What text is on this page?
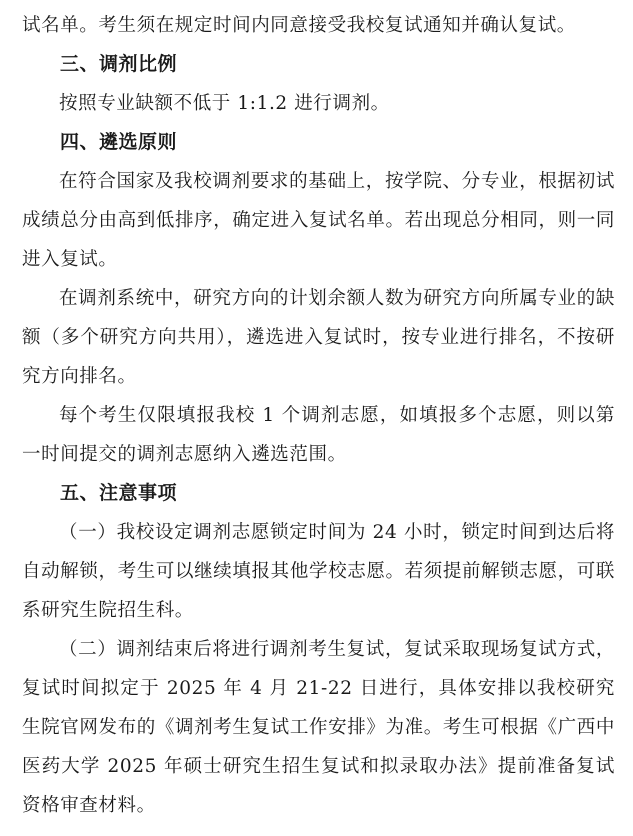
试名单。考生须在规定时间内同意接受我校复试通知并确认复试。

三、调剂比例

按照专业缺额不低于 1:1.2 进行调剂。

四、遴选原则

在符合国家及我校调剂要求的基础上，按学院、分专业，根据初试成绩总分由高到低排序，确定进入复试名单。若出现总分相同，则一同进入复试。

在调剂系统中，研究方向的计划余额人数为研究方向所属专业的缺额（多个研究方向共用），遴选进入复试时，按专业进行排名，不按研究方向排名。

每个考生仅限填报我校 1 个调剂志愿，如填报多个志愿，则以第一时间提交的调剂志愿纳入遴选范围。

五、注意事项

（一）我校设定调剂志愿锁定时间为 24 小时，锁定时间到达后将自动解锁，考生可以继续填报其他学校志愿。若须提前解锁志愿，可联系研究生院招生科。

（二）调剂结束后将进行调剂考生复试，复试采取现场复试方式，复试时间拟定于 2025 年 4 月 21-22 日进行，具体安排以我校研究生院官网发布的《调剂考生复试工作安排》为准。考生可根据《广西中医药大学 2025 年硕士研究生招生复试和拟录取办法》提前准备复试资格审查材料。
